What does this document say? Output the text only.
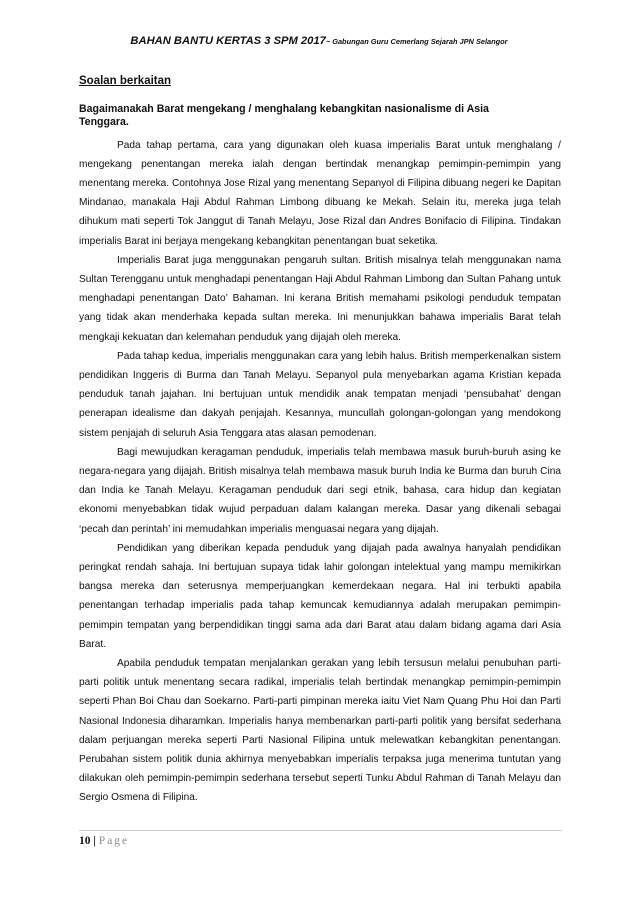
BAHAN BANTU KERTAS 3 SPM 2017~ Gabungan Guru Cemerlang Sejarah JPN Selangor
Soalan berkaitan
Bagaimanakah Barat mengekang / menghalang kebangkitan nasionalisme di Asia Tenggara.

Pada tahap pertama, cara yang digunakan oleh kuasa imperialis Barat untuk menghalang / mengekang penentangan mereka ialah dengan bertindak menangkap pemimpin-pemimpin yang menentang mereka. Contohnya Jose Rizal yang menentang Sepanyol di Filipina dibuang negeri ke Dapitan Mindanao, manakala Haji Abdul Rahman Limbong dibuang ke Mekah. Selain itu, mereka juga telah dihukum mati seperti Tok Janggut di Tanah Melayu, Jose Rizal dan Andres Bonifacio di Filipina. Tindakan imperialis Barat ini berjaya mengekang kebangkitan penentangan buat seketika.

Imperialis Barat juga menggunakan pengaruh sultan. British misalnya telah menggunakan nama Sultan Terengganu untuk menghadapi penentangan Haji Abdul Rahman Limbong dan Sultan Pahang untuk menghadapi penentangan Dato’ Bahaman. Ini kerana British memahami psikologi penduduk tempatan yang tidak akan menderhaka kepada sultan mereka. Ini menunjukkan bahawa imperialis Barat telah mengkaji kekuatan dan kelemahan penduduk yang dijajah oleh mereka.

Pada tahap kedua, imperialis menggunakan cara yang lebih halus. British memperkenalkan sistem pendidikan Inggeris di Burma dan Tanah Melayu. Sepanyol pula menyebarkan agama Kristian kepada penduduk tanah jajahan. Ini bertujuan untuk mendidik anak tempatan menjadi ‘pensubahat’ dengan penerapan idealisme dan dakyah penjajah. Kesannya, muncullah golongan-golongan yang mendokong sistem penjajah di seluruh Asia Tenggara atas alasan pemodenan.

Bagi mewujudkan keragaman penduduk, imperialis telah membawa masuk buruh-buruh asing ke negara-negara yang dijajah. British misalnya telah membawa masuk buruh India ke Burma dan buruh Cina dan India ke Tanah Melayu. Keragaman penduduk dari segi etnik, bahasa, cara hidup dan kegiatan ekonomi menyebabkan tidak wujud perpaduan dalam kalangan mereka. Dasar yang dikenali sebagai ‘pecah dan perintah’ ini memudahkan imperialis menguasai negara yang dijajah.

Pendidikan yang diberikan kepada penduduk yang dijajah pada awalnya hanyalah pendidikan peringkat rendah sahaja. Ini bertujuan supaya tidak lahir golongan intelektual yang mampu memikirkan bangsa mereka dan seterusnya memperjuangkan kemerdekaan negara. Hal ini terbukti apabila penentangan terhadap imperialis pada tahap kemuncak kemudiannya adalah merupakan pemimpin-pemimpin tempatan yang berpendidikan tinggi sama ada dari Barat atau dalam bidang agama dari Asia Barat.

Apabila penduduk tempatan menjalankan gerakan yang lebih tersusun melalui penubuhan parti-parti politik untuk menentang secara radikal, imperialis telah bertindak menangkap pemimpin-pemimpin seperti Phan Boi Chau dan Soekarno. Parti-parti pimpinan mereka iaitu Viet Nam Quang Phu Hoi dan Parti Nasional Indonesia diharamkan. Imperialis hanya membenarkan parti-parti politik yang bersifat sederhana dalam perjuangan mereka seperti Parti Nasional Filipina untuk melewatkan kebangkitan penentangan. Perubahan sistem politik dunia akhirnya menyebabkan imperialis terpaksa juga menerima tuntutan yang dilakukan oleh pemimpin-pemimpin sederhana tersebut seperti Tunku Abdul Rahman di Tanah Melayu dan Sergio Osmena di Filipina.

10 | Page
